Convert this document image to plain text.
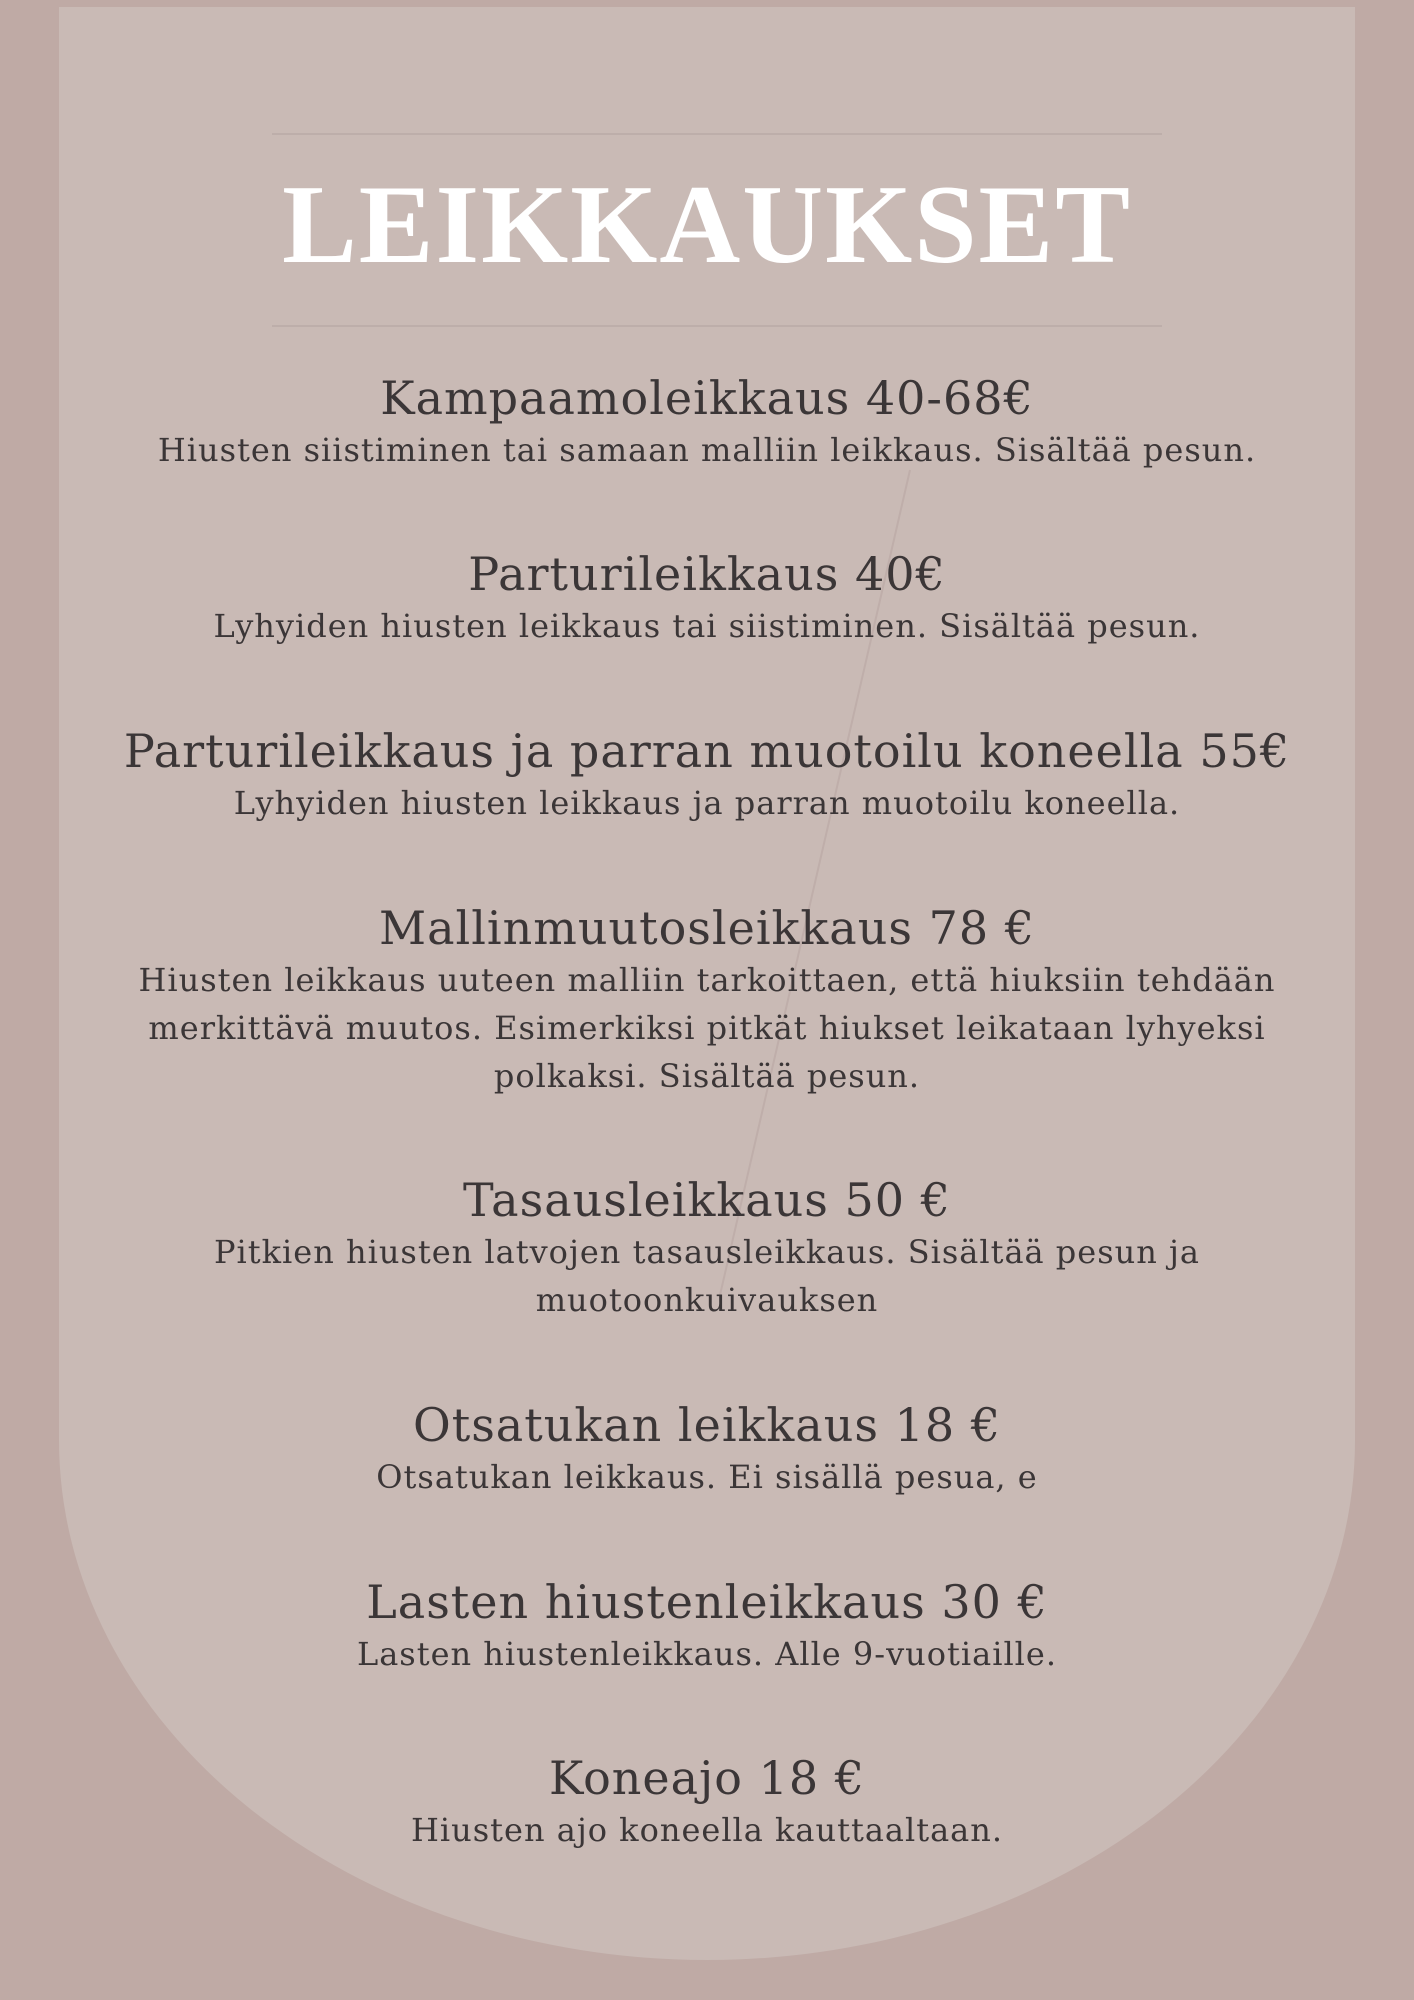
LEIKKAUKSET

Kampaamoleikkaus 40-68€

Hiusten siistiminen tai samaan malliin leikkaus. Sisältää pesun.

Parturileikkaus 40€

Lyhyiden hiusten leikkaus tai siistiminen. Sisältää pesun.

Parturileikkaus ja parran muotoilu koneella 55€

Lyhyiden hiusten leikkaus ja parran muotoilu koneella.

Mallinmuutosleikkaus 78 €

Hiusten leikkaus uuteen malliin tarkoittaen, että hiuksiin tehdään
merkittävä muutos. Esimerkiksi pitkät hiukset leikataan lyhyeksi
polkaksi. Sisältää pesun.

Tasausleikkaus 50 €

Pitkien hiusten latvojen tasausleikkaus. Sisältää pesun ja
muotoonkuivauksen

Otsatukan leikkaus 18 €

Otsatukan leikkaus. Ei sisällä pesua, e

Lasten hiustenleikkaus 30 €

Lasten hiustenleikkaus. Alle 9-vuotiaille.

Koneajo 18 €

Hiusten ajo koneella kauttaaltaan.
